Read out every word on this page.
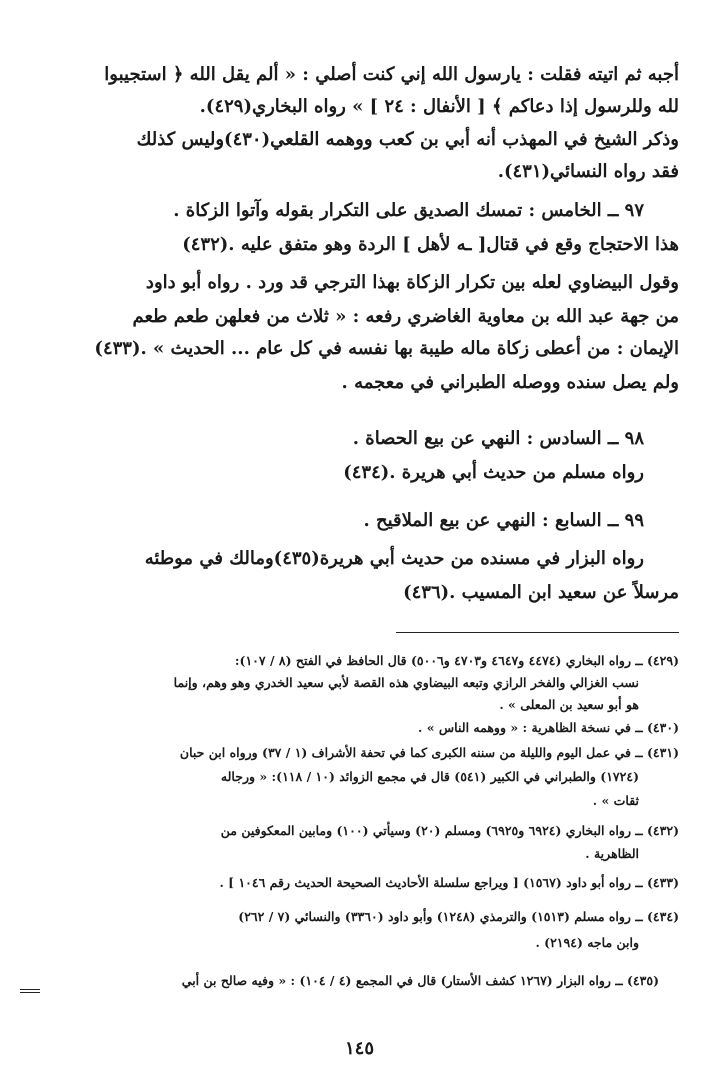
أجبه ثم اتيته فقلت : يارسول الله إني كنت أصلي : « ألم يقل الله ﴿ استجيبوا
لله وللرسول إذا دعاكم ﴾ [ الأنفال : ٢٤ ] » رواه البخاري(٤٢٩).
وذكر الشيخ في المهذب أنه أبي بن كعب ووهمه القلعي(٤٣٠)وليس كذلك
فقد رواه النسائي(٤٣١).
٩٧ ــ الخامس : تمسك الصديق على التكرار بقوله وآتوا الزكاة .
هذا الاحتجاج وقع في قتال[ ـه لأهل ] الردة وهو متفق عليه .(٤٣٢)
وقول البيضاوي لعله بين تكرار الزكاة بهذا الترجي قد ورد . رواه أبو داود
من جهة عبد الله بن معاوية الغاضري رفعه : « ثلاث من فعلهن طعم طعم
الإيمان : من أعطى زكاة ماله طيبة بها نفسه في كل عام ... الحديث » .(٤٣٣)
ولم يصل سنده ووصله الطبراني في معجمه .
٩٨ ــ السادس : النهي عن بيع الحصاة .
رواه مسلم من حديث أبي هريرة .(٤٣٤)
٩٩ ــ السابع : النهي عن بيع الملاقيح .
رواه البزار في مسنده من حديث أبي هريرة(٤٣٥)ومالك في موطئه
مرسلاً عن سعيد ابن المسيب .(٤٣٦)
(٤٢٩) ــ رواه البخاري (٤٤٧٤ و٤٦٤٧ و٤٧٠٣ و٥٠٠٦) قال الحافظ في الفتح (٨ / ١٠٧):
نسب الغزالي والفخر الرازي وتبعه البيضاوي هذه القصة لأبي سعيد الخدري وهو وهم، وإنما
هو أبو سعيد بن المعلى » .
(٤٣٠) ــ في نسخة الظاهرية : « ووهمه الناس » .
(٤٣١) ــ في عمل اليوم والليلة من سننه الكبرى كما في تحفة الأشراف (١ / ٣٧) ورواه ابن حبان
(١٧٢٤) والطبراني في الكبير (٥٤١) قال في مجمع الزوائد (١٠ / ١١٨): « ورجاله
ثقات » .
(٤٣٢) ــ رواه البخاري (٦٩٢٤ و٦٩٢٥) ومسلم (٢٠) وسيأتي (١٠٠) ومابين المعكوفين من
الظاهرية .
(٤٣٣) ــ رواه أبو داود (١٥٦٧) [ ويراجع سلسلة الأحاديث الصحيحة الحديث رقم ١٠٤٦ ] .
(٤٣٤) ــ رواه مسلم (١٥١٣) والترمذي (١٢٤٨) وأبو داود (٣٣٦٠) والنسائي (٧ / ٢٦٢)
وابن ماجه (٢١٩٤) .
(٤٣٥) ــ رواه البزار (١٢٦٧ كشف الأستار) قال في المجمع (٤ / ١٠٤) : « وفيه صالح بن أبي
١٤٥
